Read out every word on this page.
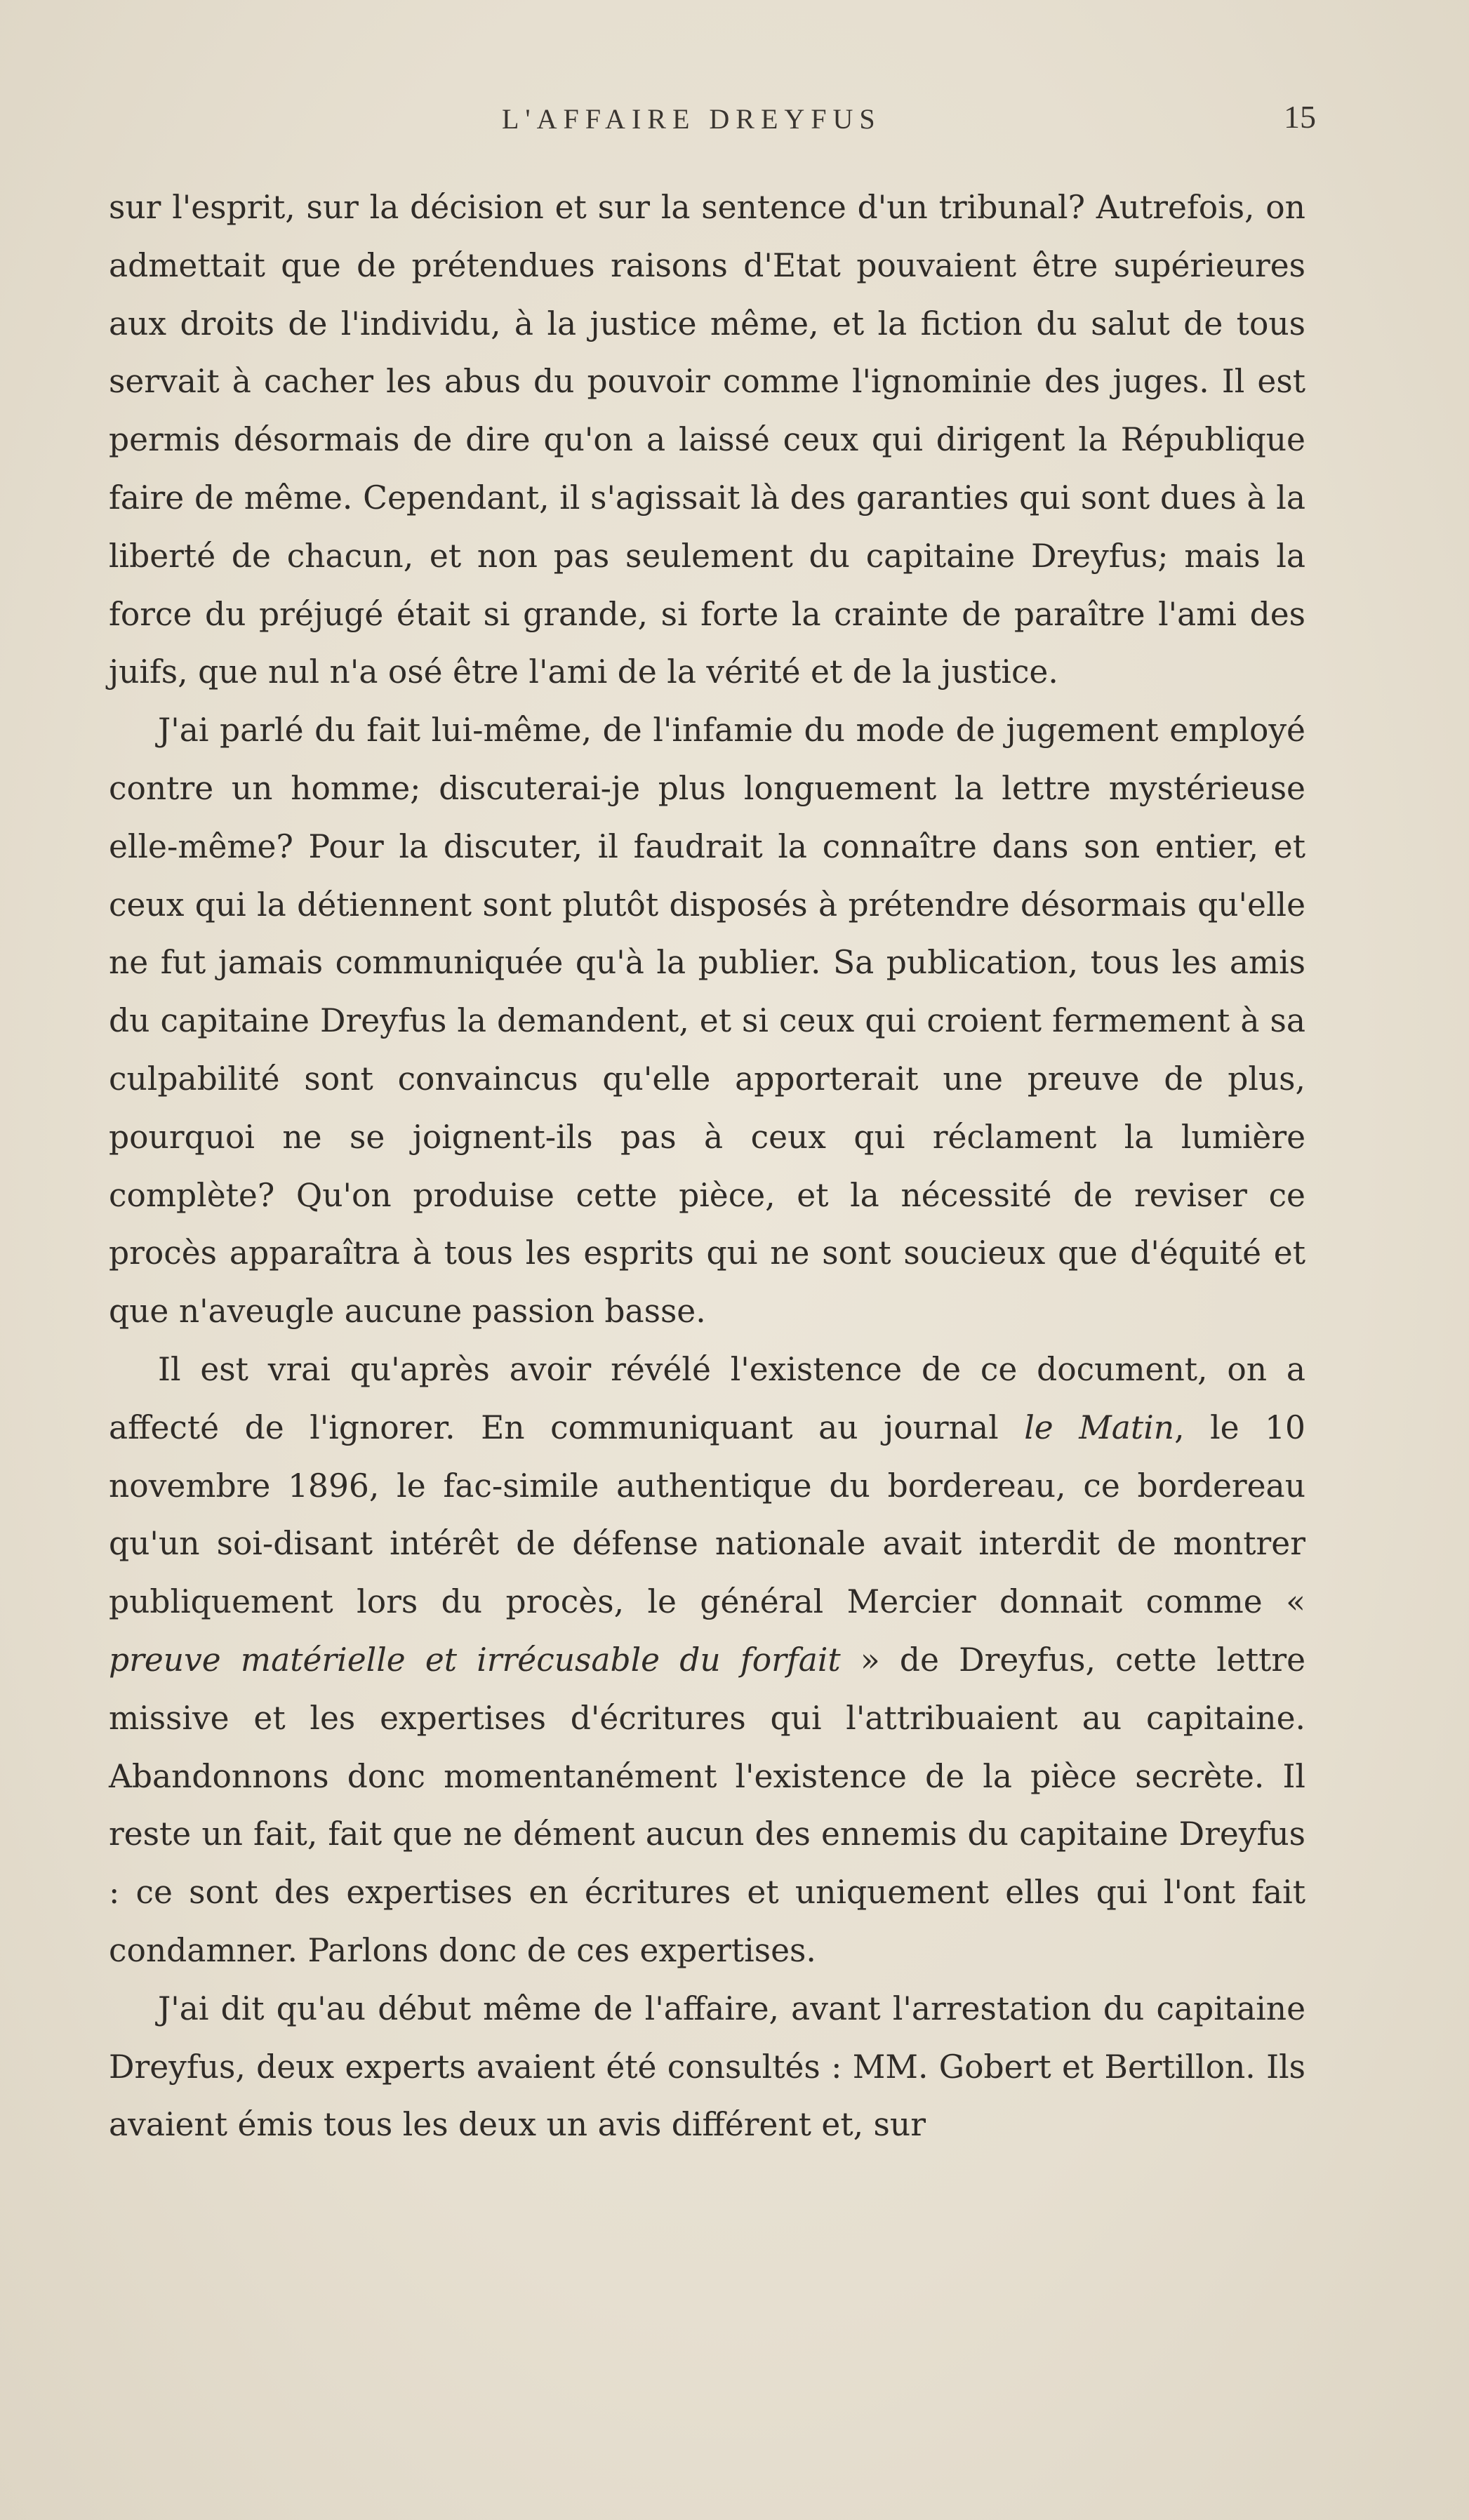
L'AFFAIRE DREYFUS	15

sur l'esprit, sur la décision et sur la sentence d'un tribunal? Autrefois, on admettait que de prétendues raisons d'Etat pouvaient être supérieures aux droits de l'individu, à la justice même, et la fiction du salut de tous servait à cacher les abus du pouvoir comme l'ignominie des juges. Il est permis désormais de dire qu'on a laissé ceux qui dirigent la République faire de même. Cependant, il s'agissait là des garanties qui sont dues à la liberté de chacun, et non pas seulement du capitaine Dreyfus; mais la force du préjugé était si grande, si forte la crainte de paraître l'ami des juifs, que nul n'a osé être l'ami de la vérité et de la justice.

J'ai parlé du fait lui-même, de l'infamie du mode de jugement employé contre un homme; discuterai-je plus longuement la lettre mystérieuse elle-même? Pour la discuter, il faudrait la connaître dans son entier, et ceux qui la détiennent sont plutôt disposés à prétendre désormais qu'elle ne fut jamais communiquée qu'à la publier. Sa publication, tous les amis du capitaine Dreyfus la demandent, et si ceux qui croient fermement à sa culpabilité sont convaincus qu'elle apporterait une preuve de plus, pourquoi ne se joignent-ils pas à ceux qui réclament la lumière complète? Qu'on produise cette pièce, et la nécessité de reviser ce procès apparaîtra à tous les esprits qui ne sont soucieux que d'équité et que n'aveugle aucune passion basse.

Il est vrai qu'après avoir révélé l'existence de ce document, on a affecté de l'ignorer. En communiquant au journal le Matin, le 10 novembre 1896, le fac-simile authentique du bordereau, ce bordereau qu'un soi-disant intérêt de défense nationale avait interdit de montrer publiquement lors du procès, le général Mercier donnait comme « preuve matérielle et irrécusable du forfait » de Dreyfus, cette lettre missive et les expertises d'écritures qui l'attribuaient au capitaine. Abandonnons donc momentanément l'existence de la pièce secrète. Il reste un fait, fait que ne dément aucun des ennemis du capitaine Dreyfus : ce sont des expertises en écritures et uniquement elles qui l'ont fait condamner. Parlons donc de ces expertises.

J'ai dit qu'au début même de l'affaire, avant l'arrestation du capitaine Dreyfus, deux experts avaient été consultés : MM. Gobert et Bertillon. Ils avaient émis tous les deux un avis différent et, sur
